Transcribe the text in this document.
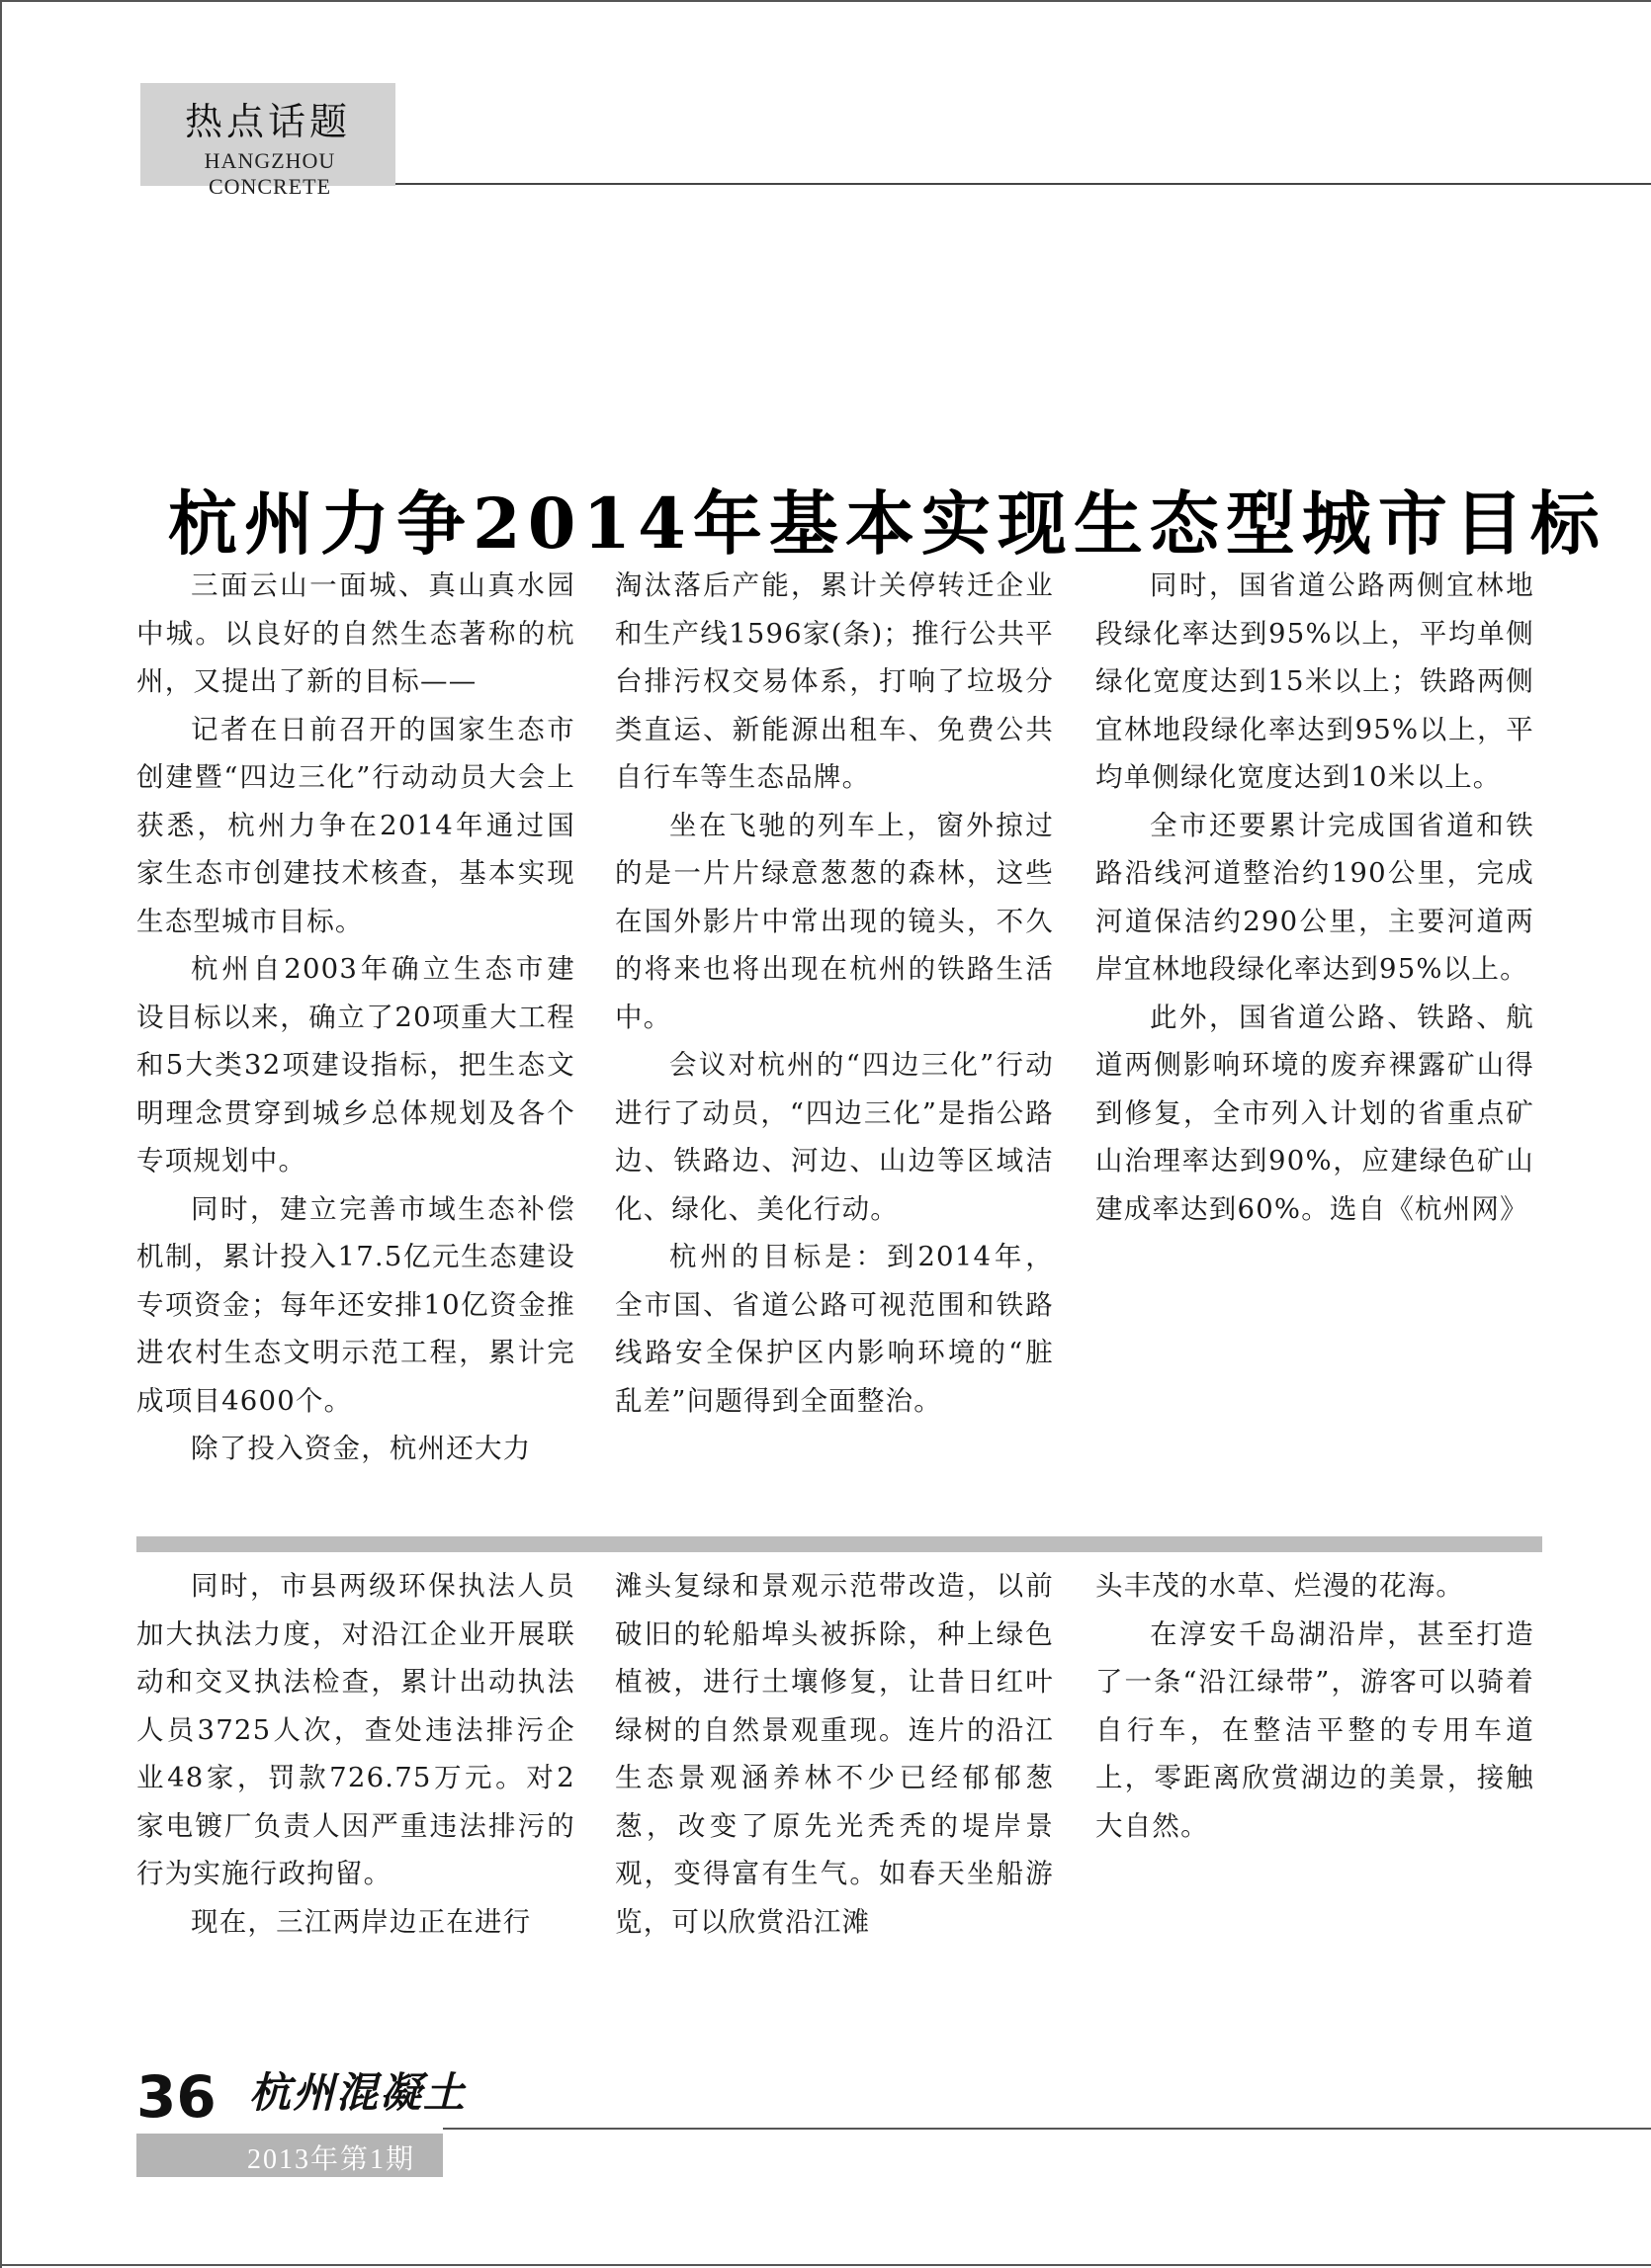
热点话题
HANGZHOU CONCRETE
杭州力争2014年基本实现生态型城市目标

三面云山一面城、真山真水园中城。以良好的自然生态著称的杭州，又提出了新的目标——

记者在日前召开的国家生态市创建暨“四边三化”行动动员大会上获悉，杭州力争在2014年通过国家生态市创建技术核查，基本实现生态型城市目标。

杭州自2003年确立生态市建设目标以来，确立了20项重大工程和5大类32项建设指标，把生态文明理念贯穿到城乡总体规划及各个专项规划中。

同时，建立完善市域生态补偿机制，累计投入17.5亿元生态建设专项资金；每年还安排10亿资金推进农村生态文明示范工程，累计完成项目4600个。

除了投入资金，杭州还大力

淘汰落后产能，累计关停转迁企业和生产线1596家(条)；推行公共平台排污权交易体系，打响了垃圾分类直运、新能源出租车、免费公共自行车等生态品牌。

坐在飞驰的列车上，窗外掠过的是一片片绿意葱葱的森林，这些在国外影片中常出现的镜头，不久的将来也将出现在杭州的铁路生活中。

会议对杭州的“四边三化”行动进行了动员，“四边三化”是指公路边、铁路边、河边、山边等区域洁化、绿化、美化行动。

杭州的目标是：到2014年，全市国、省道公路可视范围和铁路线路安全保护区内影响环境的“脏乱差”问题得到全面整治。

同时，国省道公路两侧宜林地段绿化率达到95%以上，平均单侧绿化宽度达到15米以上；铁路两侧宜林地段绿化率达到95%以上，平均单侧绿化宽度达到10米以上。

全市还要累计完成国省道和铁路沿线河道整治约190公里，完成河道保洁约290公里，主要河道两岸宜林地段绿化率达到95%以上。

此外，国省道公路、铁路、航道两侧影响环境的废弃裸露矿山得到修复，全市列入计划的省重点矿山治理率达到90%，应建绿色矿山建成率达到60%。选自《杭州网》

同时，市县两级环保执法人员加大执法力度，对沿江企业开展联动和交叉执法检查，累计出动执法人员3725人次，查处违法排污企业48家，罚款726.75万元。对2家电镀厂负责人因严重违法排污的行为实施行政拘留。

现在，三江两岸边正在进行

滩头复绿和景观示范带改造，以前破旧的轮船埠头被拆除，种上绿色植被，进行土壤修复，让昔日红叶绿树的自然景观重现。连片的沿江生态景观涵养林不少已经郁郁葱葱，改变了原先光秃秃的堤岸景观，变得富有生气。如春天坐船游览，可以欣赏沿江滩

头丰茂的水草、烂漫的花海。

在淳安千岛湖沿岸，甚至打造了一条“沿江绿带”，游客可以骑着自行车，在整洁平整的专用车道上，零距离欣赏湖边的美景，接触大自然。

36 杭州混凝土
2013年第1期
